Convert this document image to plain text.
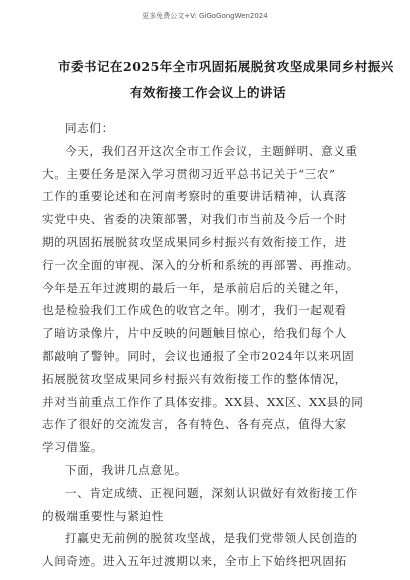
更多免费公文+V: GiGoGongWen2024
市委书记在2025年全市巩固拓展脱贫攻坚成果同乡村振兴
有效衔接工作会议上的讲话
同志们：
今天，我们召开这次全市工作会议，主题鲜明、意义重
大。主要任务是深入学习贯彻习近平总书记关于“三农”
工作的重要论述和在河南考察时的重要讲话精神，认真落
实党中央、省委的决策部署，对我们市当前及今后一个时
期的巩固拓展脱贫攻坚成果同乡村振兴有效衔接工作，进
行一次全面的审视、深入的分析和系统的再部署、再推动。
今年是五年过渡期的最后一年，是承前启后的关键之年，
也是检验我们工作成色的收官之年。刚才，我们一起观看
了暗访录像片，片中反映的问题触目惊心，给我们每个人
都敲响了警钟。同时，会议也通报了全市2024年以来巩固
拓展脱贫攻坚成果同乡村振兴有效衔接工作的整体情况，
并对当前重点工作作了具体安排。XX县、XX区、XX县的同
志作了很好的交流发言，各有特色、各有亮点，值得大家
学习借鉴。
下面，我讲几点意见。
一、肯定成绩、正视问题，深刻认识做好有效衔接工作
的极端重要性与紧迫性
打赢史无前例的脱贫攻坚战，是我们党带领人民创造的
人间奇迹。进入五年过渡期以来，全市上下始终把巩固拓
